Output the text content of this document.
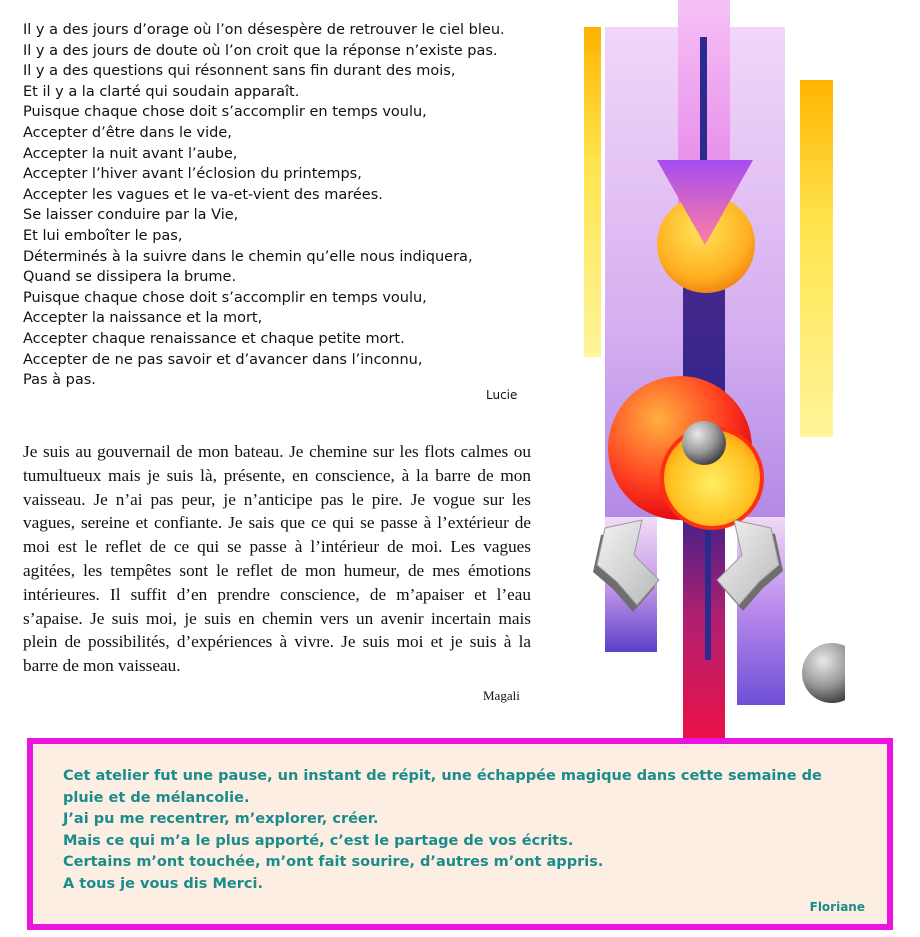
Il y a des jours d’orage où l’on désespère de retrouver le ciel bleu.
Il y a des jours de doute où l’on croit que la réponse n’existe pas.
Il y a des questions qui résonnent sans fin durant des mois,
Et il y a la clarté qui soudain apparaît.
Puisque chaque chose doit s’accomplir en temps voulu,
Accepter d’être dans le vide,
Accepter la nuit avant l’aube,
Accepter l’hiver avant l’éclosion du printemps,
Accepter les vagues et le va-et-vient des marées.
Se laisser conduire par la Vie,
Et lui emboîter le pas,
Déterminés à la suivre dans le chemin qu’elle nous indiquera,
Quand se dissipera la brume.
Puisque chaque chose doit s’accomplir en temps voulu,
Accepter la naissance et la mort,
Accepter chaque renaissance et chaque petite mort.
Accepter de ne pas savoir et d’avancer dans l’inconnu,
Pas à pas.
Lucie
Je suis au gouvernail de mon bateau. Je chemine sur les flots calmes ou tumultueux mais je suis là, présente, en conscience, à la barre de mon vaisseau. Je n’ai pas peur, je n’anticipe pas le pire. Je vogue sur les vagues, sereine et confiante. Je sais que ce qui se passe à l’extérieur de moi est le reflet de ce qui se passe à l’intérieur de moi. Les vagues agitées, les tempêtes sont le reflet de mon humeur, de mes émotions intérieures. Il suffit d’en prendre conscience, de m’apaiser et l’eau s’apaise. Je suis moi, je suis en chemin vers un avenir incertain mais plein de possibilités, d’expériences à vivre. Je suis moi et je suis à la barre de mon vaisseau.
Magali
Cet atelier fut une pause, un instant de répit, une échappée magique dans cette semaine de pluie et de mélancolie.
J’ai pu me recentrer, m’explorer, créer.
Mais ce qui m’a le plus apporté, c’est le partage de vos écrits.
Certains m’ont touchée, m’ont fait sourire, d’autres m’ont appris.
A tous je vous dis Merci.
Floriane
